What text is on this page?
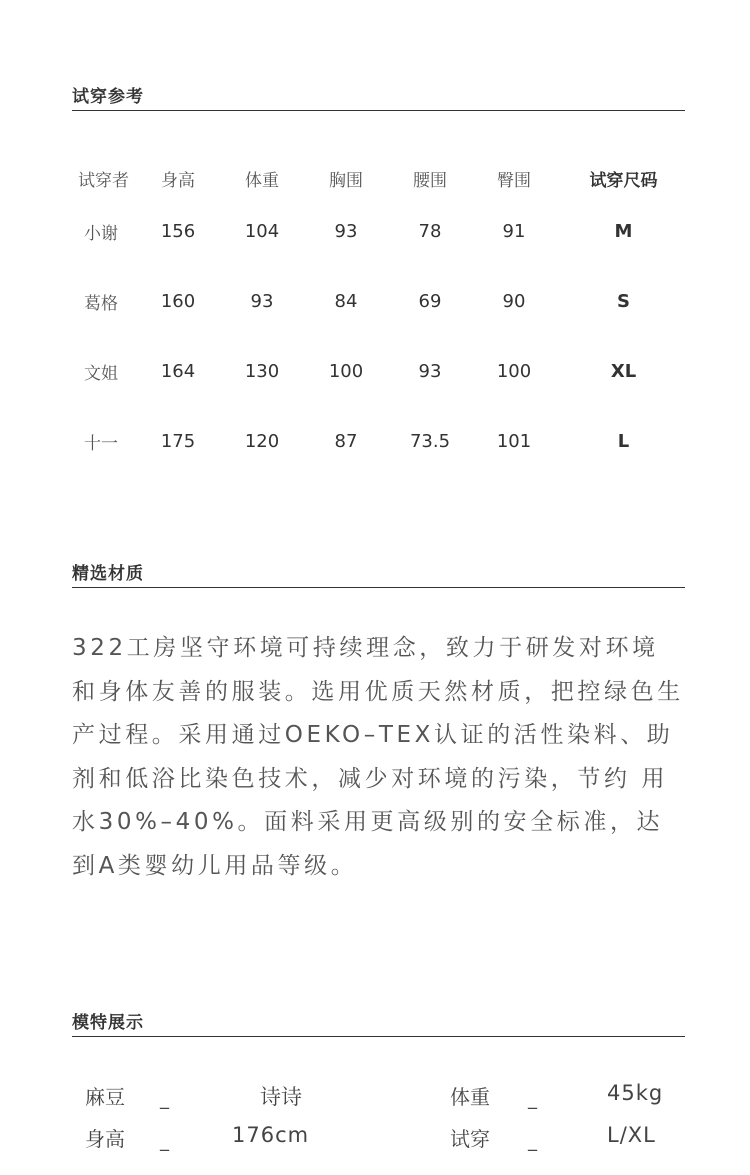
试穿参考
试穿者	身高	体重	胸围	腰围	臀围	试穿尺码
小谢	156	104	93	78	91	M
葛格	160	93	84	69	90	S
文姐	164	130	100	93	100	XL
十一	175	120	87	73.5	101	L
精选材质

322工房坚守环境可持续理念，致力于研发对环境和身体友善的服装。选用优质天然材质，把控绿色生产过程。采用通过OEKO–TEX认证的活性染料、助剂和低浴比染色技术，减少对环境的污染，节约 用水30%–40%。面料采用更高级别的安全标准，达到A类婴幼儿用品等级。

模特展示
麻豆 _	诗诗	体重 _	45kg
身高 _	176cm	试穿 _	L/XL
